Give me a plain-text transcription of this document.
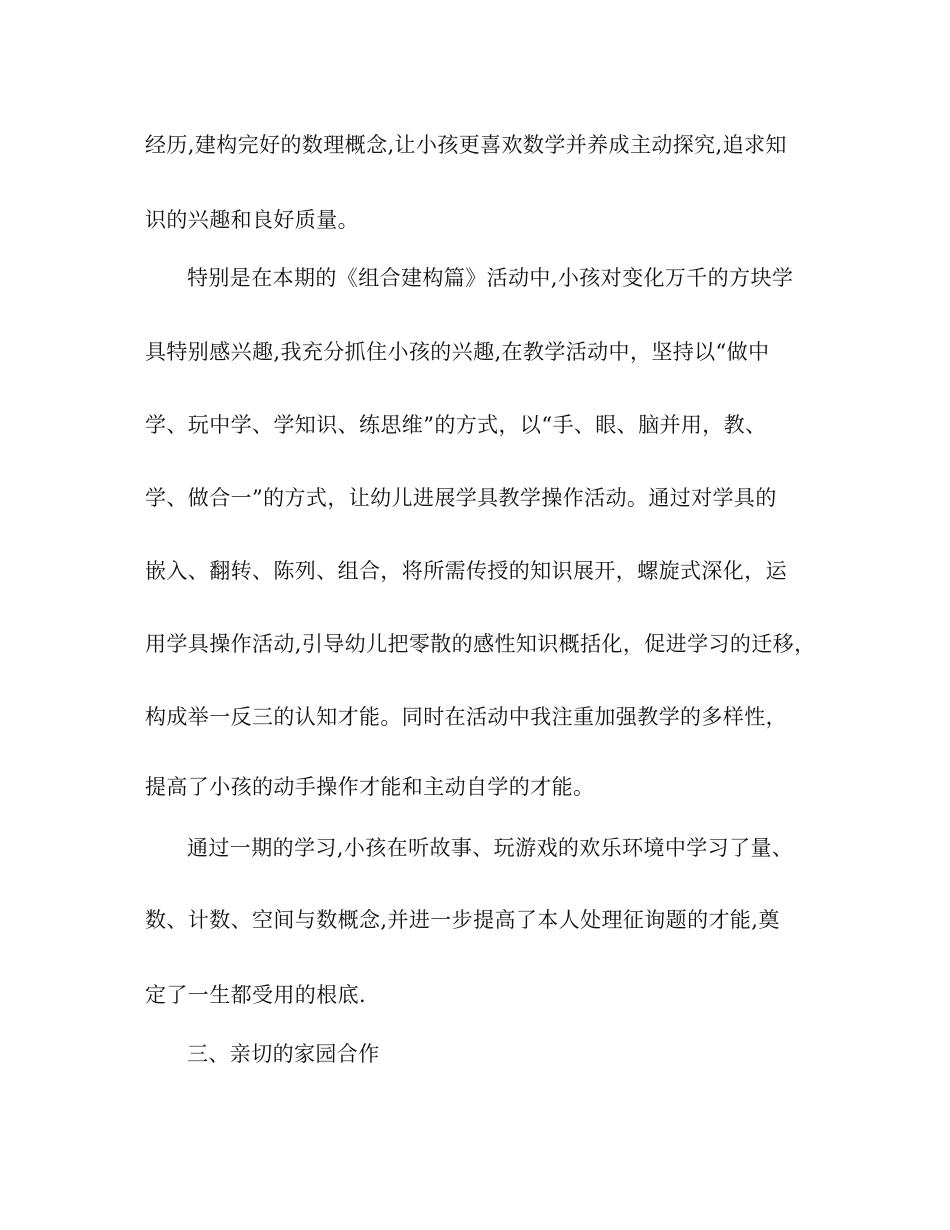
经历,建构完好的数理概念,让小孩更喜欢数学并养成主动探究,追求知
识的兴趣和良好质量。
特别是在本期的《组合建构篇》活动中,小孩对变化万千的方块学
具特别感兴趣,我充分抓住小孩的兴趣,在教学活动中，坚持以“做中
学、玩中学、学知识、练思维”的方式，以“手、眼、脑并用，教、
学、做合一”的方式，让幼儿进展学具教学操作活动。通过对学具的
嵌入、翻转、陈列、组合，将所需传授的知识展开，螺旋式深化，运
用学具操作活动,引导幼儿把零散的感性知识概括化，促进学习的迁移，
构成举一反三的认知才能。同时在活动中我注重加强教学的多样性，
提高了小孩的动手操作才能和主动自学的才能。
通过一期的学习,小孩在听故事、玩游戏的欢乐环境中学习了量、
数、计数、空间与数概念,并进一步提高了本人处理征询题的才能,奠
定了一生都受用的根底.
三、亲切的家园合作
